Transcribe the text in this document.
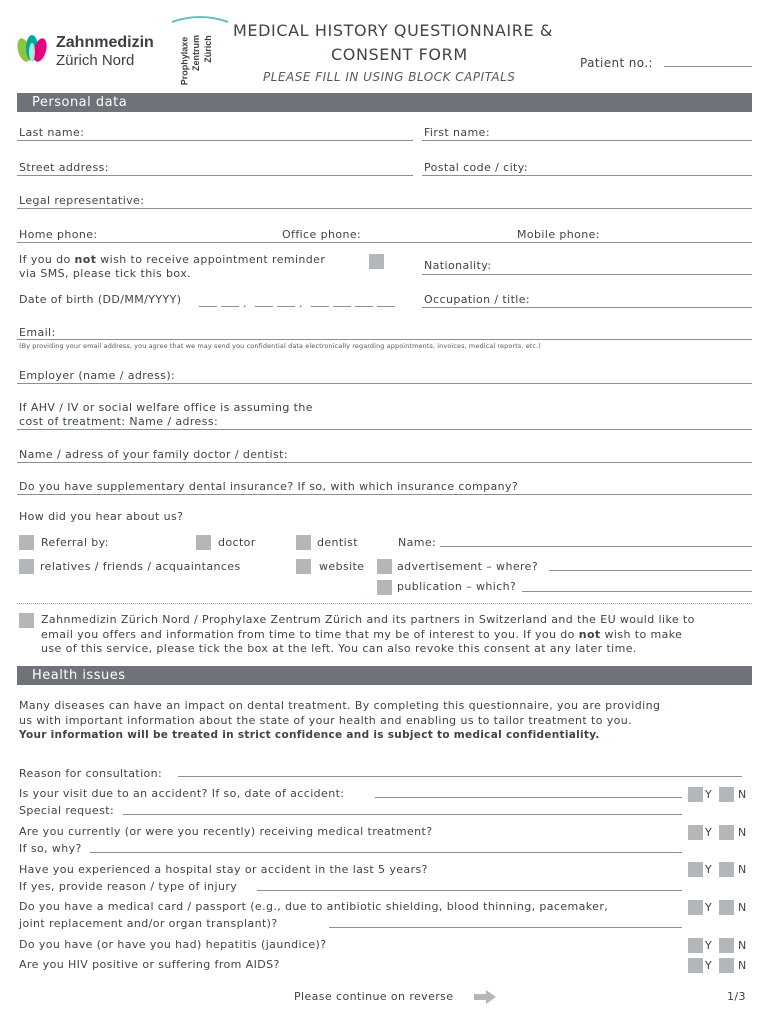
Zahnmedizin
Zürich Nord	Prophylaxe Zentrum Zürich
MEDICAL HISTORY QUESTIONNAIRE &
CONSENT FORM
PLEASE FILL IN USING BLOCK CAPITALS
Patient no.:
Personal data
Last name:	First name:
Street address:	Postal code / city:
Legal representative:
Home phone:	Office phone:	Mobile phone:
If you do not wish to receive appointment reminder
via SMS, please tick this box.
Nationality:
Date of birth (DD/MM/YYYY)	.	.	Occupation / title:
Email:
(By providing your email address, you agree that we may send you confidential data electronically regarding appointments, invoices, medical reports, etc.)
Employer (name / adress):
If AHV / IV or social welfare office is assuming the
cost of treatment: Name / adress:
Name / adress of your family doctor / dentist:
Do you have supplementary dental insurance? If so, with which insurance company?
How did you hear about us?
Referral by:	doctor	dentist	Name:
relatives / friends / acquaintances	website	advertisement – where?
publication – which?
Zahnmedizin Zürich Nord / Prophylaxe Zentrum Zürich and its partners in Switzerland and the EU would like to
email you offers and information from time to time that my be of interest to you. If you do not wish to make
use of this service, please tick the box at the left. You can also revoke this consent at any later time.
Health issues
Many diseases can have an impact on dental treatment. By completing this questionnaire, you are providing
us with important information about the state of your health and enabling us to tailor treatment to you.
Your information will be treated in strict confidence and is subject to medical confidentiality.
Reason for consultation:
Is your visit due to an accident? If so, date of accident:	Y N
Special request:
Are you currently (or were you recently) receiving medical treatment?	Y N
If so, why?
Have you experienced a hospital stay or accident in the last 5 years?	Y N
If yes, provide reason / type of injury
Do you have a medical card / passport (e.g., due to antibiotic shielding, blood thinning, pacemaker,	Y N
joint replacement and/or organ transplant)?
Do you have (or have you had) hepatitis (jaundice)?	Y N
Are you HIV positive or suffering from AIDS?	Y N
Please continue on reverse	1/3
